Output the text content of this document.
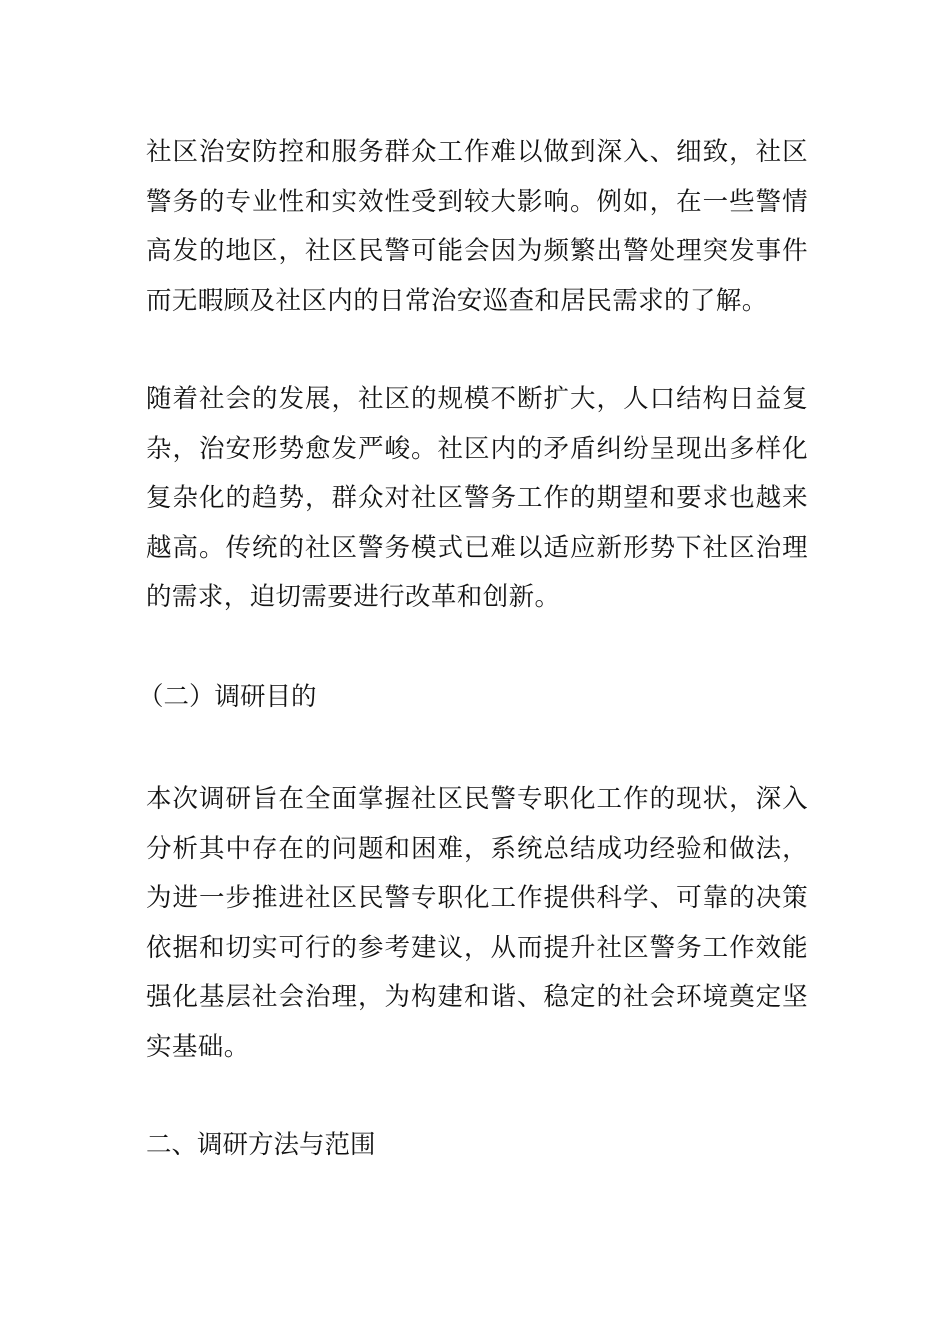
社区治安防控和服务群众工作难以做到深入、细致，社区
警务的专业性和实效性受到较大影响。例如，在一些警情
高发的地区，社区民警可能会因为频繁出警处理突发事件
而无暇顾及社区内的日常治安巡查和居民需求的了解。
随着社会的发展，社区的规模不断扩大，人口结构日益复
杂，治安形势愈发严峻。社区内的矛盾纠纷呈现出多样化
复杂化的趋势，群众对社区警务工作的期望和要求也越来
越高。传统的社区警务模式已难以适应新形势下社区治理
的需求，迫切需要进行改革和创新。
（二）调研目的
本次调研旨在全面掌握社区民警专职化工作的现状，深入
分析其中存在的问题和困难，系统总结成功经验和做法，
为进一步推进社区民警专职化工作提供科学、可靠的决策
依据和切实可行的参考建议，从而提升社区警务工作效能
强化基层社会治理，为构建和谐、稳定的社会环境奠定坚
实基础。
二、调研方法与范围
